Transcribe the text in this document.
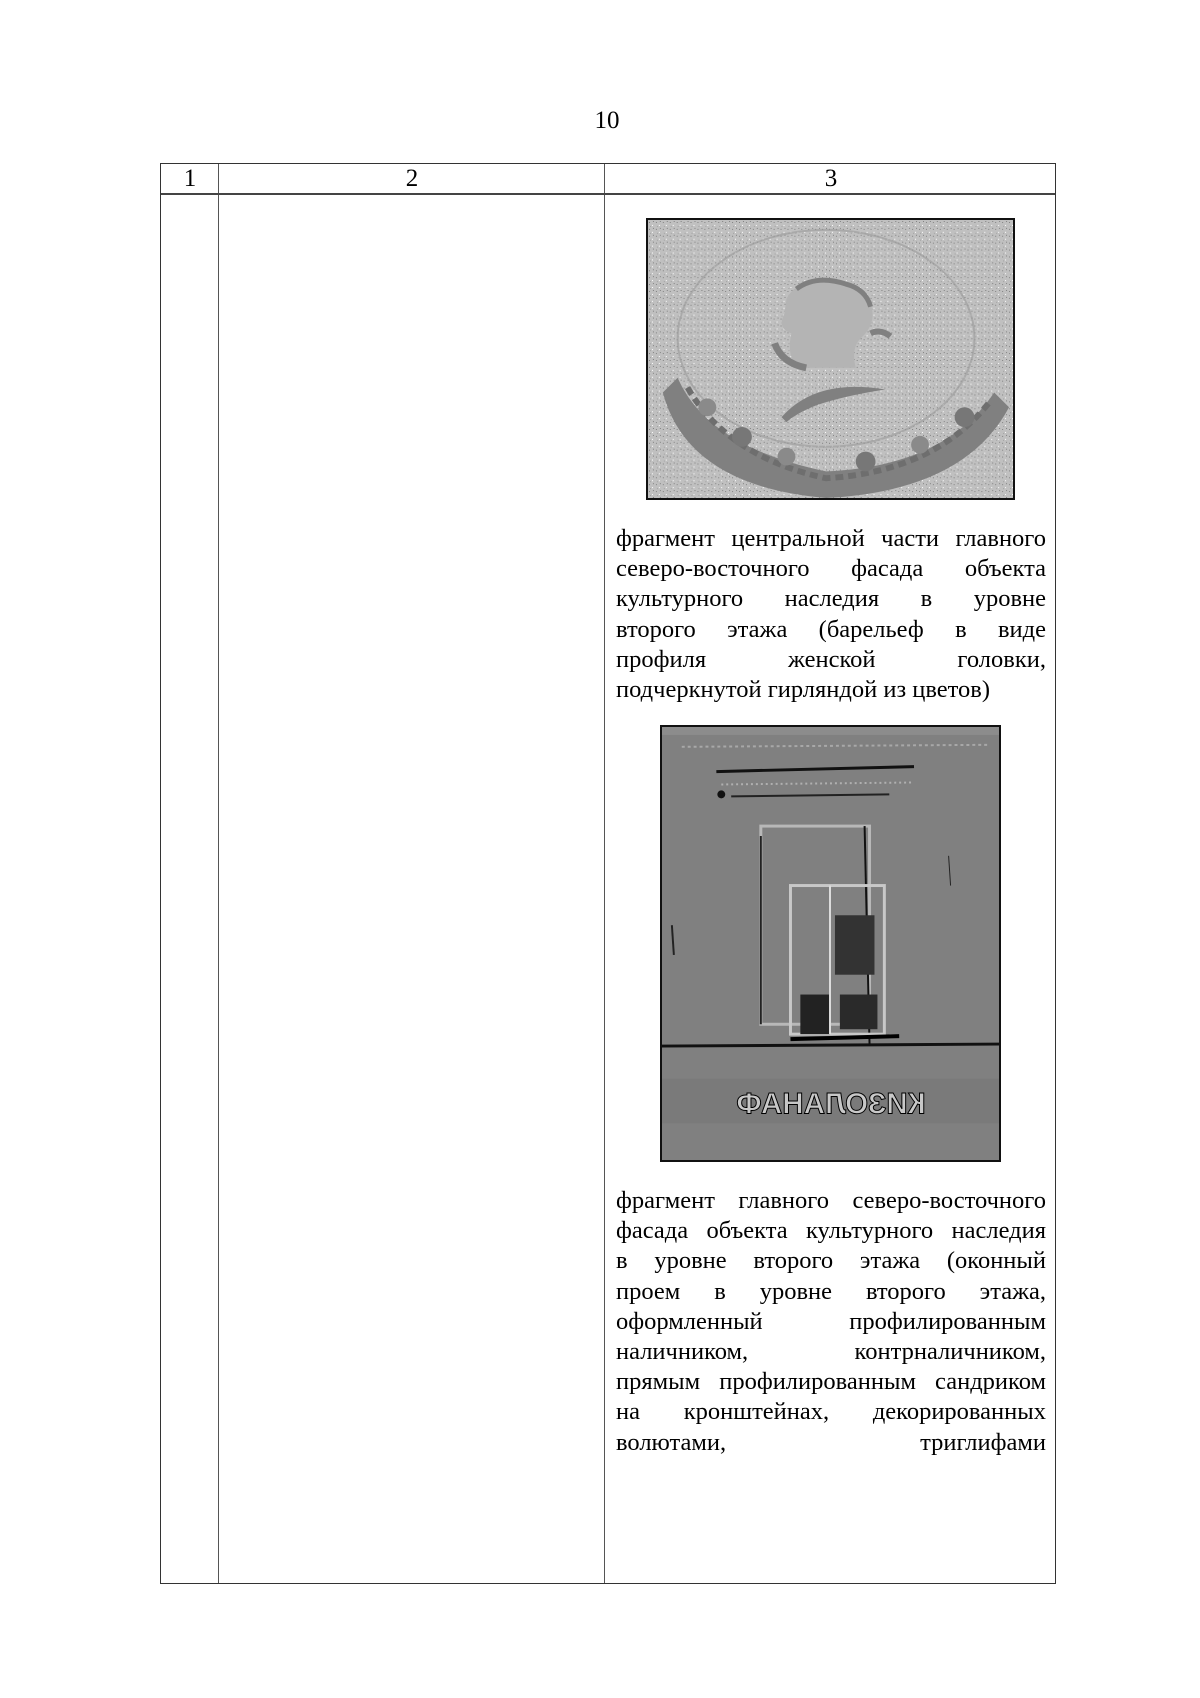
10
1	2	3
фрагмент центральной части главного
северо-восточного фасада объекта
культурного наследия в уровне
второго этажа (барельеф в виде
профиля женской головки,
подчеркнутой гирляндой из цветов)
КИЗОЛАНАФ
фрагмент главного северо-восточного
фасада объекта культурного наследия
в уровне второго этажа (оконный
проем в уровне второго этажа,
оформленный профилированным
наличником, контрналичником,
прямым профилированным сандриком
на кронштейнах, декорированных
волютами, триглифами
